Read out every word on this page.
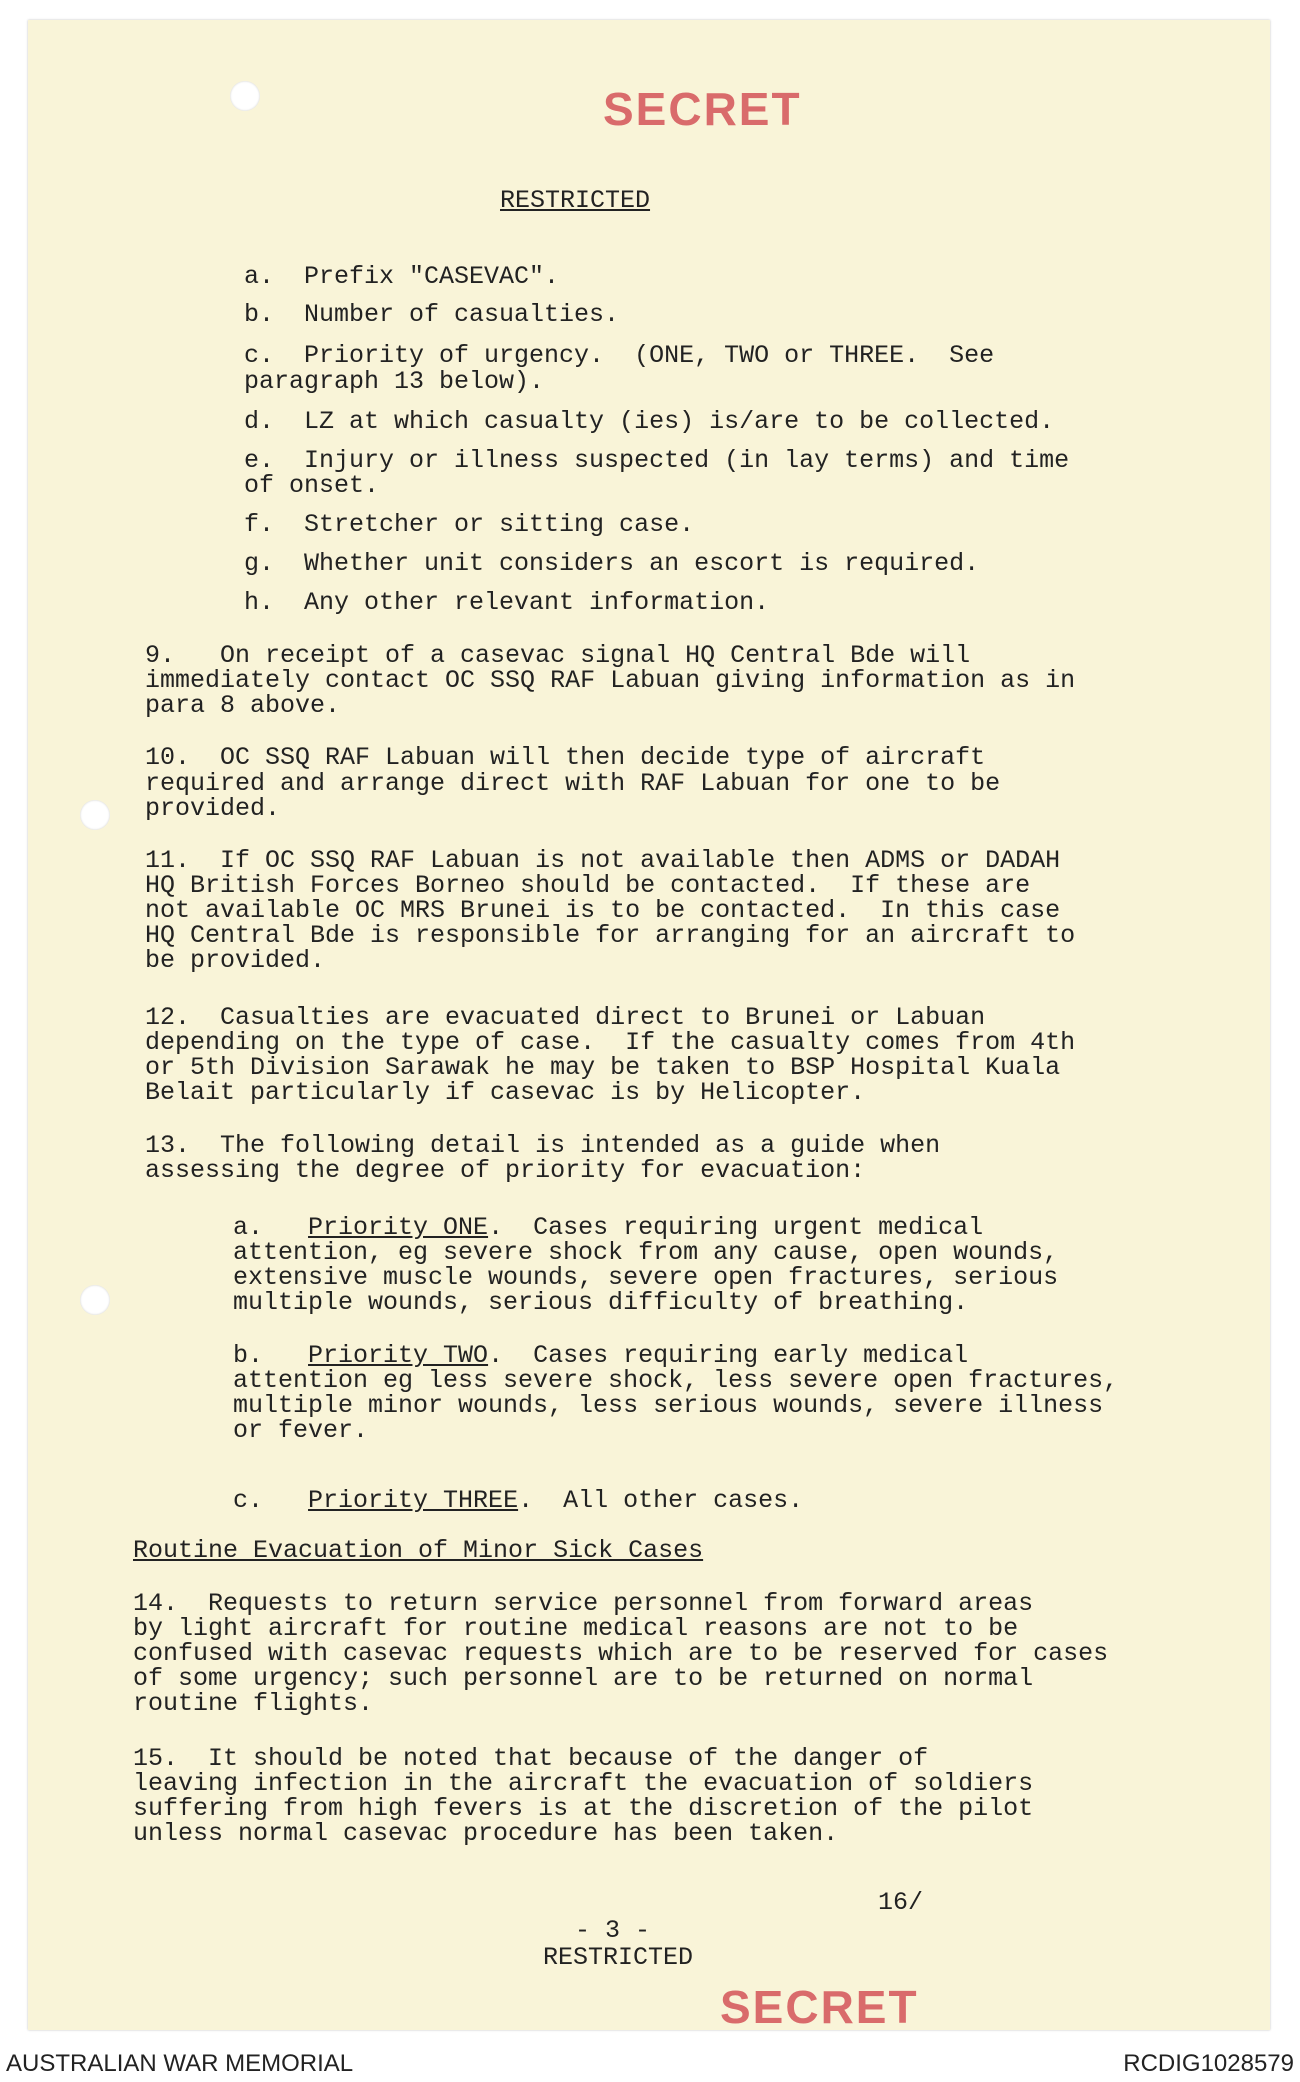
SECRET
RESTRICTED
a.  Prefix "CASEVAC".
b.  Number of casualties.
c.  Priority of urgency.  (ONE, TWO or THREE.  See
paragraph 13 below).
d.  LZ at which casualty (ies) is/are to be collected.
e.  Injury or illness suspected (in lay terms) and time
of onset.
f.  Stretcher or sitting case.
g.  Whether unit considers an escort is required.
h.  Any other relevant information.
9.   On receipt of a casevac signal HQ Central Bde will
immediately contact OC SSQ RAF Labuan giving information as in
para 8 above.
10.  OC SSQ RAF Labuan will then decide type of aircraft
required and arrange direct with RAF Labuan for one to be
provided.
11.  If OC SSQ RAF Labuan is not available then ADMS or DADAH
HQ British Forces Borneo should be contacted.  If these are
not available OC MRS Brunei is to be contacted.  In this case
HQ Central Bde is responsible for arranging for an aircraft to
be provided.
12.  Casualties are evacuated direct to Brunei or Labuan
depending on the type of case.  If the casualty comes from 4th
or 5th Division Sarawak he may be taken to BSP Hospital Kuala
Belait particularly if casevac is by Helicopter.
13.  The following detail is intended as a guide when
assessing the degree of priority for evacuation:
a. Priority ONE.  Cases requiring urgent medical
attention, eg severe shock from any cause, open wounds,
extensive muscle wounds, severe open fractures, serious
multiple wounds, serious difficulty of breathing.
b. Priority TWO.  Cases requiring early medical
attention eg less severe shock, less severe open fractures,
multiple minor wounds, less serious wounds, severe illness
or fever.
c. Priority THREE.  All other cases.
Routine Evacuation of Minor Sick Cases
14.  Requests to return service personnel from forward areas
by light aircraft for routine medical reasons are not to be
confused with casevac requests which are to be reserved for cases
of some urgency; such personnel are to be returned on normal
routine flights.
15.  It should be noted that because of the danger of
leaving infection in the aircraft the evacuation of soldiers
suffering from high fevers is at the discretion of the pilot
unless normal casevac procedure has been taken.
16/
- 3 -
RESTRICTED
SECRET
AUSTRALIAN WAR MEMORIAL	RCDIG1028579
